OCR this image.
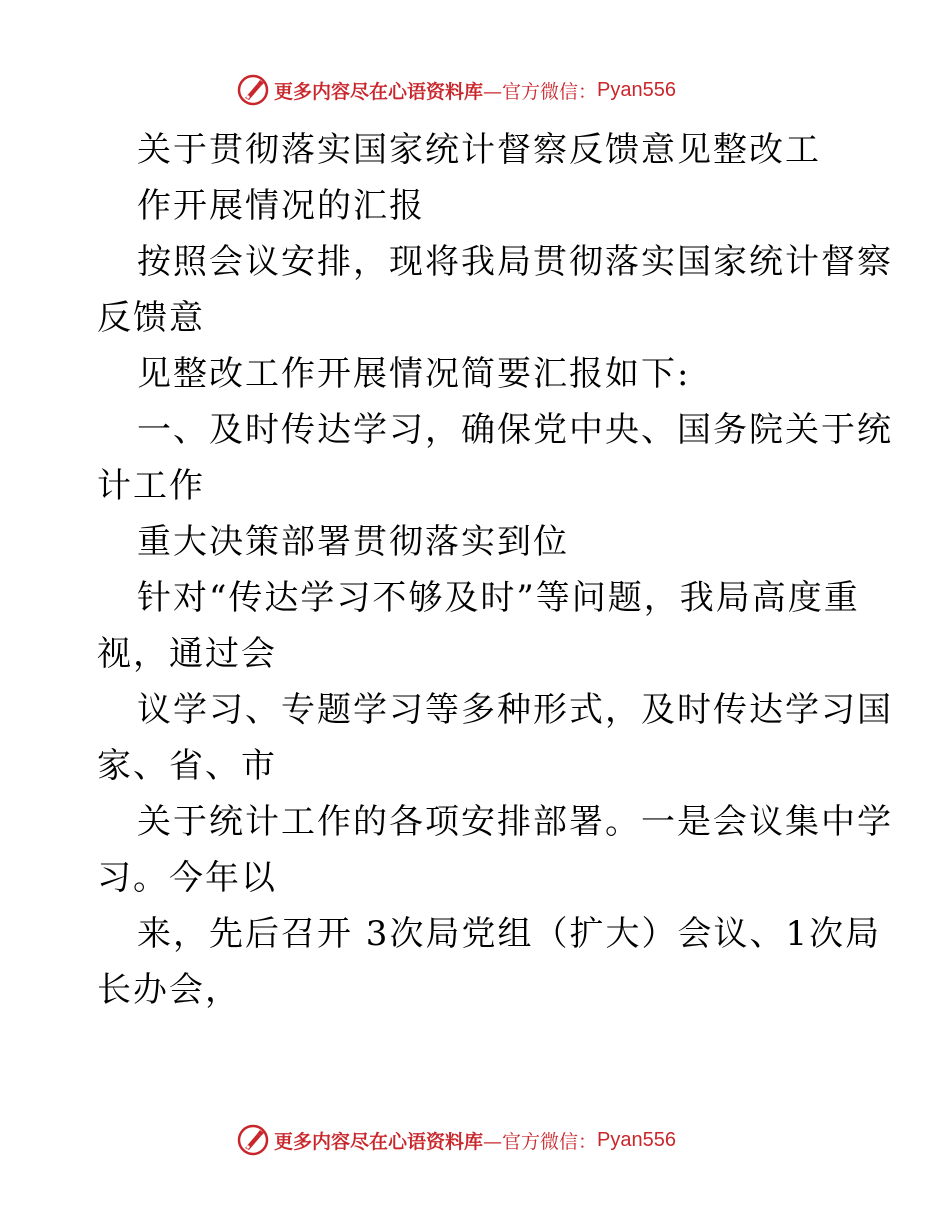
更多内容尽在心语资料库 —官方微信： Pyan556
关于贯彻落实国家统计督察反馈意见整改工
作开展情况的汇报
按照会议安排，现将我局贯彻落实国家统计督察
反馈意
见整改工作开展情况简要汇报如下:
一、及时传达学习，确保党中央、国务院关于统
计工作
重大决策部署贯彻落实到位
针对“传达学习不够及时”等问题，我局高度重
视，通过会
议学习、专题学习等多种形式，及时传达学习国
家、省、市
关于统计工作的各项安排部署。一是会议集中学
习。今年以
来，先后召开 3次局党组（扩大）会议、1次局
长办会，
更多内容尽在心语资料库 —官方微信： Pyan556
